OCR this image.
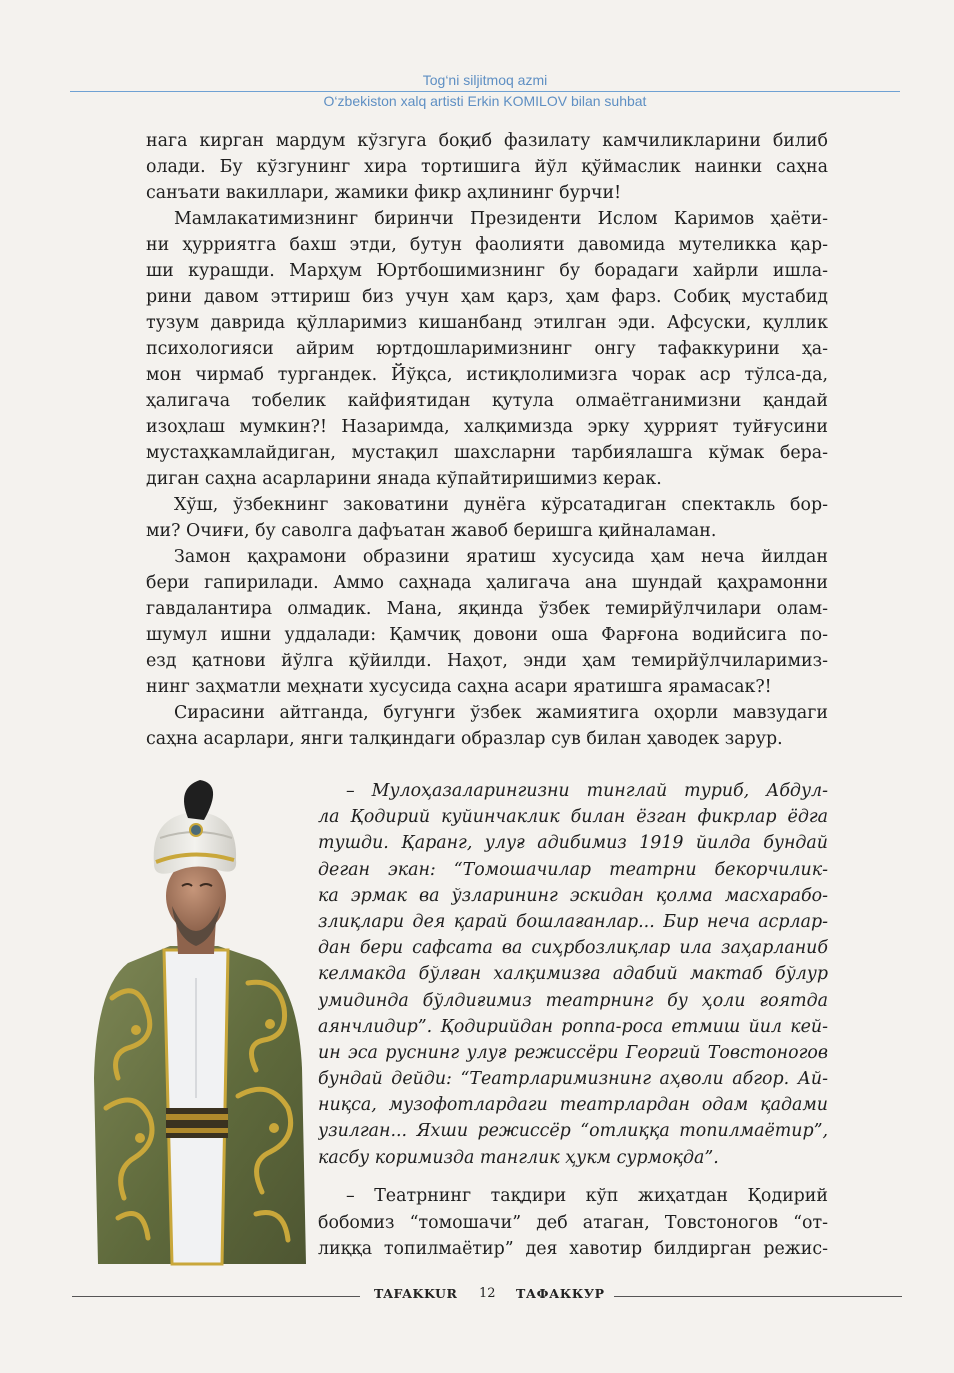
Tog‘ni siljitmoq azmi
O‘zbekiston xalq artisti Erkin KOMILOV bilan suhbat
нага кирган мардум кўзгуга боқиб фазилату камчиликларини билиб
олади. Бу кўзгунинг хира тортишига йўл қўймаслик наинки саҳна
санъати вакиллари, жамики фикр аҳлининг бурчи!
Мамлакатимизнинг биринчи Президенти Ислом Каримов ҳаёти-
ни ҳурриятга бахш этди, бутун фаолияти давомида мутеликка қар-
ши курашди. Марҳум Юртбошимизнинг бу борадаги хайрли ишла-
рини давом эттириш биз учун ҳам қарз, ҳам фарз. Собиқ мустабид
тузум даврида қўлларимиз кишанбанд этилган эди. Афсуски, қуллик
психологияси айрим юртдошларимизнинг онгу тафаккурини ҳа-
мон чирмаб тургандек. Йўқса, истиқлолимизга чорак аср тўлса-да,
ҳалигача тобелик кайфиятидан қутула олмаётганимизни қандай
изоҳлаш мумкин?! Назаримда, халқимизда эрку ҳуррият туйғусини
мустаҳкамлайдиган, мустақил шахсларни тарбиялашга кўмак бера-
диган саҳна асарларини янада кўпайтиришимиз керак.
Хўш, ўзбекнинг заковатини дунёга кўрсатадиган спектакль бор-
ми? Очиғи, бу саволга дафъатан жавоб беришга қийналаман.
Замон қаҳрамони образини яратиш хусусида ҳам неча йилдан
бери гапирилади. Аммо саҳнада ҳалигача ана шундай қаҳрамонни
гавдалантира олмадик. Мана, яқинда ўзбек темирйўлчилари олам-
шумул ишни уддалади: Қамчиқ довони оша Фарғона водийсига по-
езд қатнови йўлга қўйилди. Наҳот, энди ҳам темирйўлчиларимиз-
нинг заҳматли меҳнати хусусида саҳна асари яратишга ярамасак?!
Сирасини айтганда, бугунги ўзбек жамиятига оҳорли мавзудаги
саҳна асарлари, янги талқиндаги образлар сув билан ҳаводек зарур.
– Мулоҳазаларингизни тинглай туриб, Абдул-
ла Қодирий куйинчаклик билан ёзган фикрлар ёдга
тушди. Қаранг, улуғ адибимиз 1919 йилда бундай
деган экан: “Томошачилар театрни бекорчилик-
ка эрмак ва ўзларининг эскидан қолма масхарабо-
злиқлари дея қарай бошлағанлар... Бир неча асрлар-
дан бери сафсата ва сиҳрбозлиқлар ила заҳарланиб
келмакда бўлған халқимизға адабий мактаб бўлур
умидинда бўлдиғимиз театрнинг бу ҳоли ғоятда
аянчлидир”. Қодирийдан роппа-роса етмиш йил кей-
ин эса руснинг улуғ режиссёри Георгий Товстоногов
бундай дейди: “Театрларимизнинг аҳволи абгор. Ай-
ниқса, музофотлардаги театрлардан одам қадами
узилган... Яхши режиссёр “отлиққа топилмаётир”,
касбу коримизда танглик ҳукм сурмоқда”.
– Театрнинг тақдири кўп жиҳатдан Қодирий
бобомиз “томошачи” деб атаган, Товстоногов “от-
лиққа топилмаётир” дея хавотир билдирган режис-
TAFAKKUR 12 ТАФАККУР
